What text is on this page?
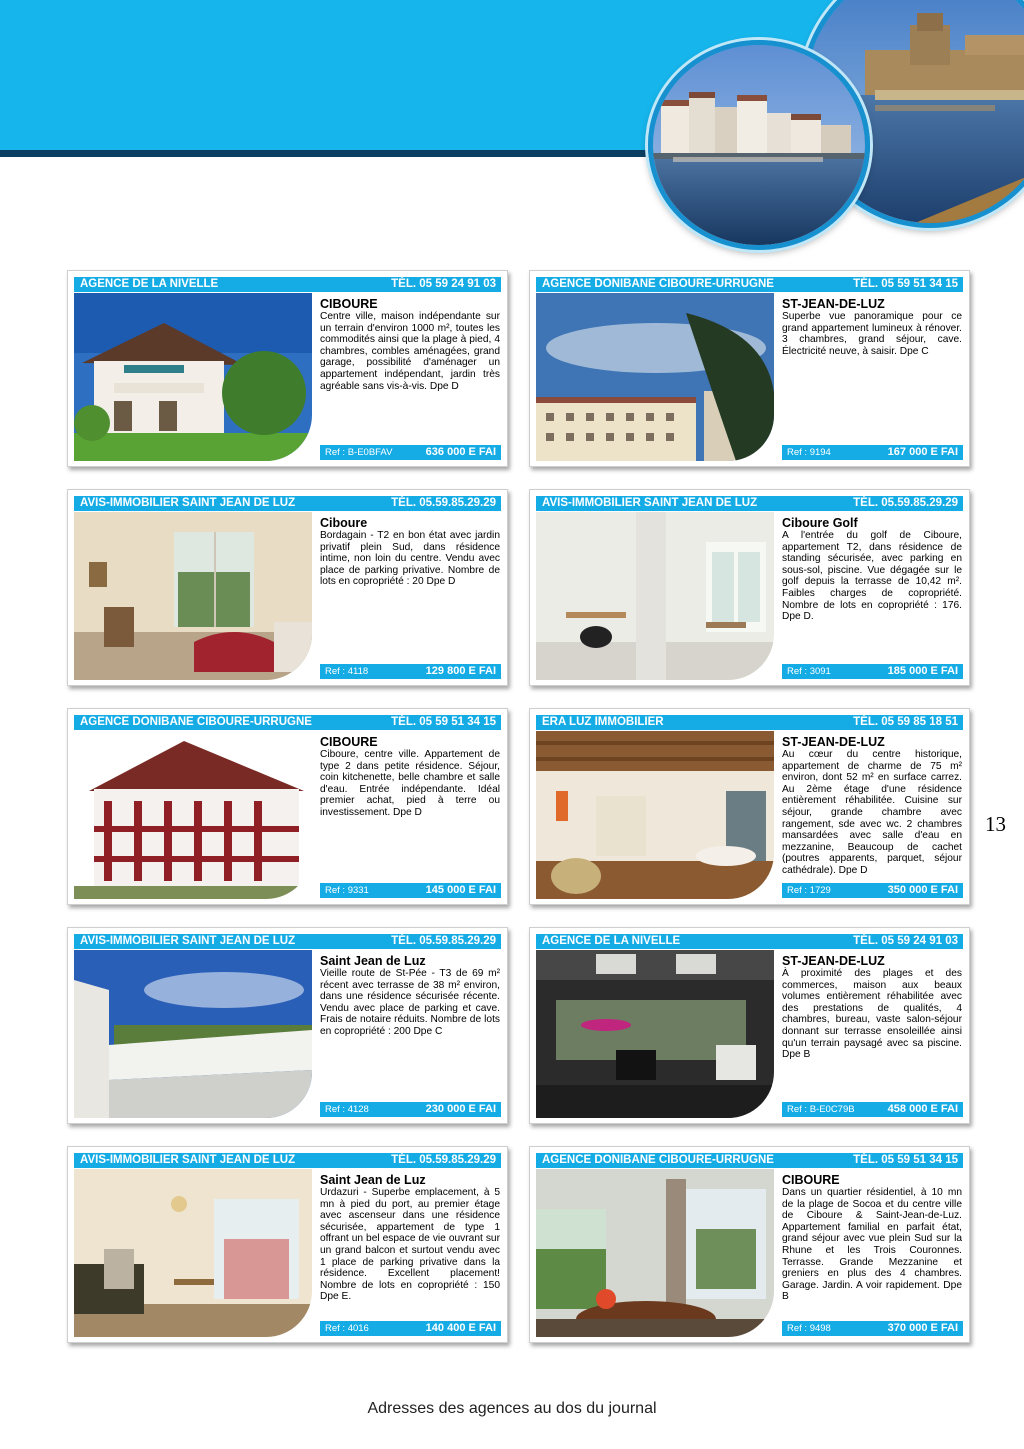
AGENCE DE LA NIVELLE	TÉL. 05 59 24 91 03
CIBOURE
Centre ville, maison indépendante sur un terrain d'environ 1000 m², toutes les commodités ainsi que la plage à pied, 4 chambres, combles aménagées, grand garage, possibilité d'aménager un appartement indépendant, jardin très agréable sans vis-à-vis. Dpe D
Ref : B-E0BFAV	636 000 E FAI
AGENCE DONIBANE CIBOURE-URRUGNE	TÉL. 05 59 51 34 15
ST-JEAN-DE-LUZ
Superbe vue panoramique pour ce grand appartement lumineux à rénover. 3 chambres, grand séjour, cave. Électricité neuve, à saisir. Dpe C
Ref : 9194	167 000 E FAI
AVIS-IMMOBILIER SAINT JEAN DE LUZ	TÉL. 05.59.85.29.29
Ciboure
Bordagain - T2 en bon état avec jardin privatif plein Sud, dans résidence intime, non loin du centre. Vendu avec place de parking privative. Nombre de lots en copropriété : 20 Dpe D
Ref : 4118	129 800 E FAI
AVIS-IMMOBILIER SAINT JEAN DE LUZ	TÉL. 05.59.85.29.29
Ciboure Golf
A l'entrée du golf de Ciboure, appartement T2, dans résidence de standing sécurisée, avec parking en sous-sol, piscine. Vue dégagée sur le golf depuis la terrasse de 10,42 m². Faibles charges de copropriété. Nombre de lots en copropriété : 176. Dpe D.
Ref : 3091	185 000 E FAI
AGENCE DONIBANE CIBOURE-URRUGNE	TÉL. 05 59 51 34 15
CIBOURE
Ciboure, centre ville. Appartement de type 2 dans petite résidence. Séjour, coin kitchenette, belle chambre et salle d'eau. Entrée indépendante. Idéal premier achat, pied à terre ou investissement. Dpe D
Ref : 9331	145 000 E FAI
ERA LUZ IMMOBILIER	TÉL. 05 59 85 18 51
ST-JEAN-DE-LUZ
Au cœur du centre historique, appartement de charme de 75 m² environ, dont 52 m² en surface carrez. Au 2ème étage d'une résidence entièrement réhabilitée. Cuisine sur séjour, grande chambre avec rangement, sde avec wc. 2 chambres mansardées avec salle d'eau en mezzanine, Beaucoup de cachet (poutres apparents, parquet, séjour cathédrale). Dpe D
Ref : 1729	350 000 E FAI
AVIS-IMMOBILIER SAINT JEAN DE LUZ	TÉL. 05.59.85.29.29
Saint Jean de Luz
Vieille route de St-Pée - T3 de 69 m² récent avec terrasse de 38 m² environ, dans une résidence sécurisée récente. Vendu avec place de parking et cave. Frais de notaire réduits. Nombre de lots en copropriété : 200 Dpe C
Ref : 4128	230 000 E FAI
AGENCE DE LA NIVELLE	TÉL. 05 59 24 91 03
ST-JEAN-DE-LUZ
À proximité des plages et des commerces, maison aux beaux volumes entièrement réhabilitée avec des prestations de qualités, 4 chambres, bureau, vaste salon-séjour donnant sur terrasse ensoleillée ainsi qu'un terrain paysagé avec sa piscine. Dpe B
Ref : B-E0C79B	458 000 E FAI
AVIS-IMMOBILIER SAINT JEAN DE LUZ	TÉL. 05.59.85.29.29
Saint Jean de Luz
Urdazuri - Superbe emplacement, à 5 mn à pied du port, au premier étage avec ascenseur dans une résidence sécurisée, appartement de type 1 offrant un bel espace de vie ouvrant sur un grand balcon et surtout vendu avec 1 place de parking privative dans la résidence. Excellent placement! Nombre de lots en copropriété : 150 Dpe E.
Ref : 4016	140 400 E FAI
AGENCE DONIBANE CIBOURE-URRUGNE	TÉL. 05 59 51 34 15
CIBOURE
Dans un quartier résidentiel, à 10 mn de la plage de Socoa et du centre ville de Ciboure & Saint-Jean-de-Luz. Appartement familial en parfait état, grand séjour avec vue plein Sud sur la Rhune et les Trois Couronnes. Terrasse. Grande Mezzanine et greniers en plus des 4 chambres. Garage. Jardin. A voir rapidement. Dpe B
Ref : 9498	370 000 E FAI
13
Adresses des agences au dos du journal
